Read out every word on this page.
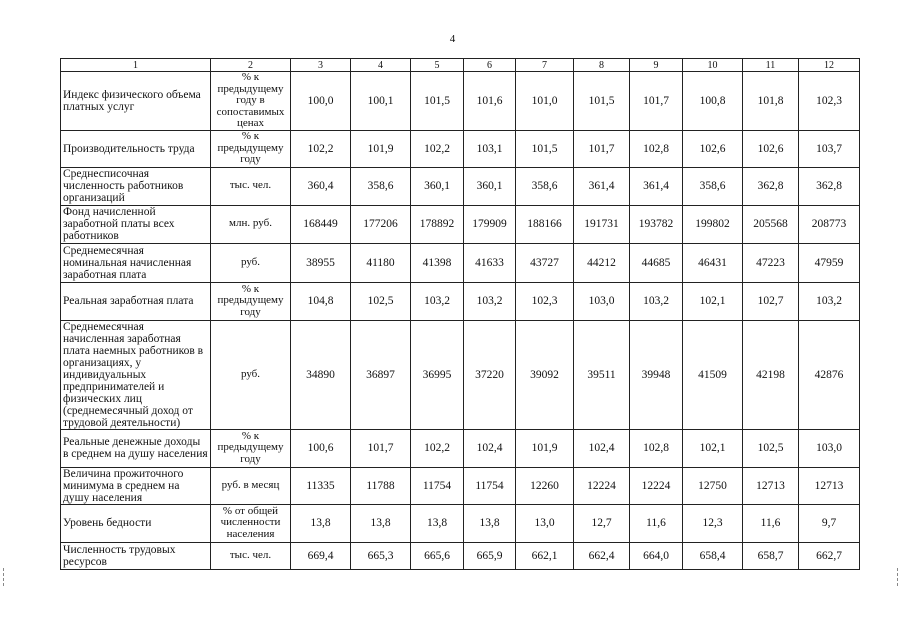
4
1	2	3	4	5	6	7	8	9	10	11	12
Индекс физического объема платных услуг	% к предыдущему году в сопоставимых ценах	100,0	100,1	101,5	101,6	101,0	101,5	101,7	100,8	101,8	102,3
Производительность труда	% к предыдущему году	102,2	101,9	102,2	103,1	101,5	101,7	102,8	102,6	102,6	103,7
Среднесписочная численность работников организаций	тыс. чел.	360,4	358,6	360,1	360,1	358,6	361,4	361,4	358,6	362,8	362,8
Фонд начисленной заработной платы всех работников	млн. руб.	168449	177206	178892	179909	188166	191731	193782	199802	205568	208773
Среднемесячная номинальная начисленная заработная плата	руб.	38955	41180	41398	41633	43727	44212	44685	46431	47223	47959
Реальная заработная плата	% к предыдущему году	104,8	102,5	103,2	103,2	102,3	103,0	103,2	102,1	102,7	103,2
Среднемесячная начисленная заработная плата наемных работников в организациях, у индивидуальных предпринимателей и физических лиц (среднемесячный доход от трудовой деятельности)	руб.	34890	36897	36995	37220	39092	39511	39948	41509	42198	42876
Реальные денежные доходы в среднем на душу населения	% к предыдущему году	100,6	101,7	102,2	102,4	101,9	102,4	102,8	102,1	102,5	103,0
Величина прожиточного минимума в среднем на душу населения	руб. в месяц	11335	11788	11754	11754	12260	12224	12224	12750	12713	12713
Уровень бедности	% от общей численности населения	13,8	13,8	13,8	13,8	13,0	12,7	11,6	12,3	11,6	9,7
Численность трудовых ресурсов	тыс. чел.	669,4	665,3	665,6	665,9	662,1	662,4	664,0	658,4	658,7	662,7
